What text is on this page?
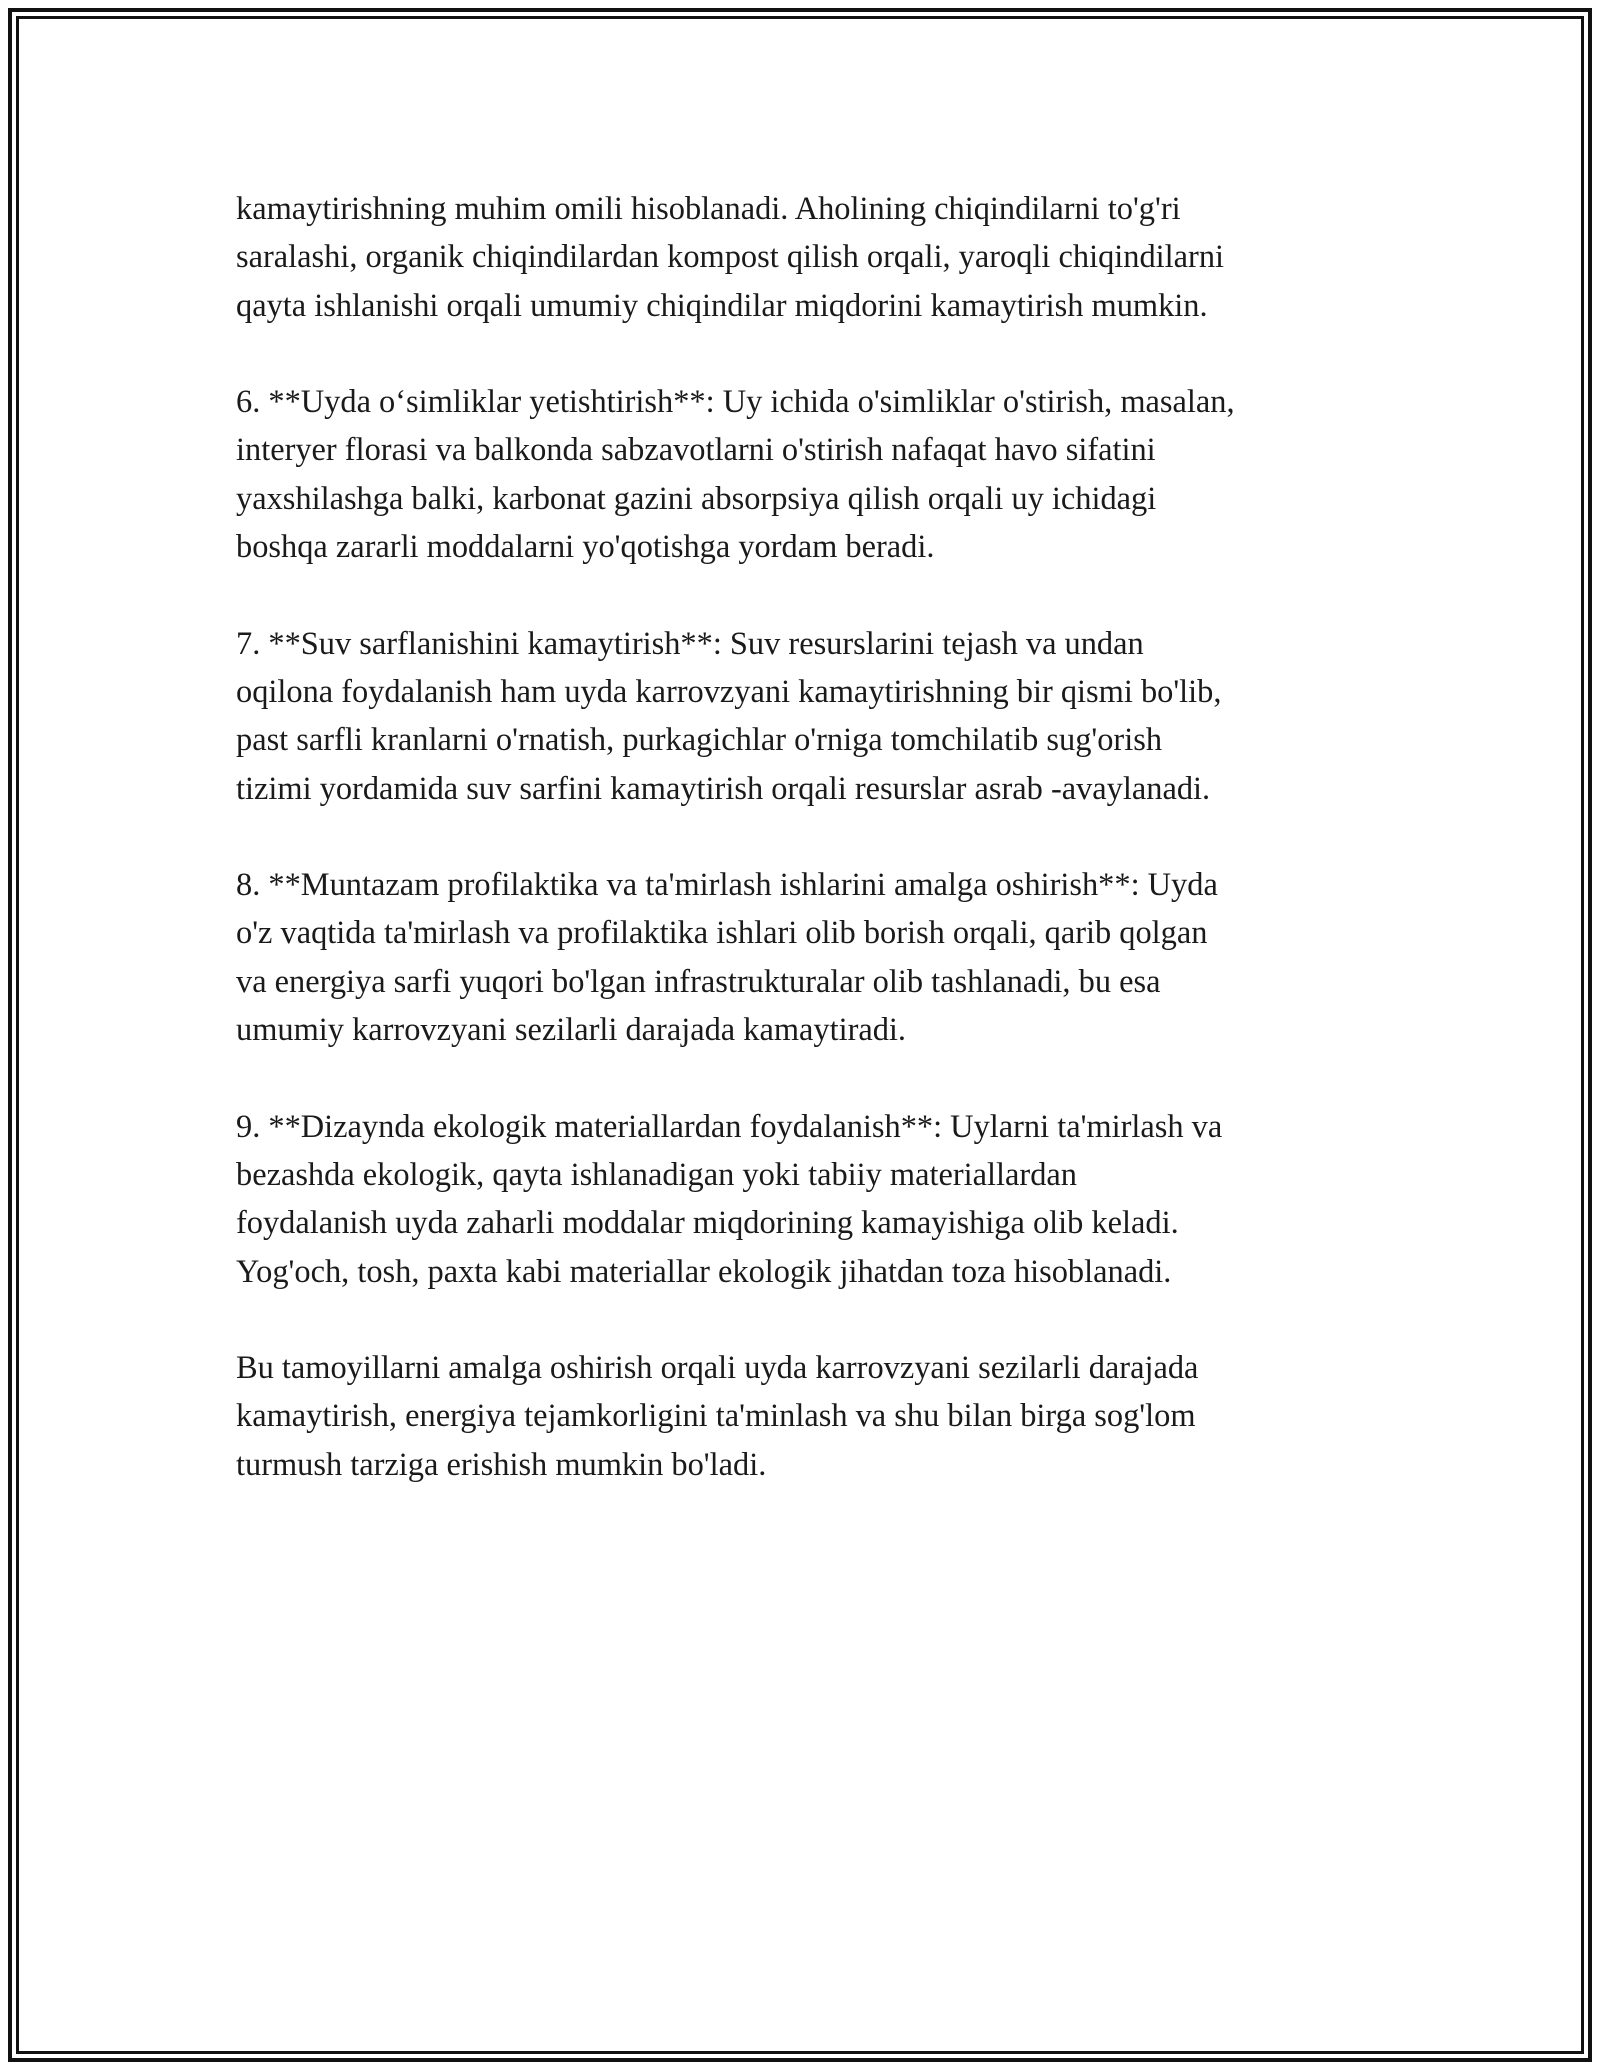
kamaytirishning muhim omili hisoblanadi. Aholining chiqindilarni to'g'ri
saralashi, organik chiqindilardan kompost qilish orqali, yaroqli chiqindilarni
qayta ishlanishi orqali umumiy chiqindilar miqdorini kamaytirish mumkin.
6. **Uyda o‘simliklar yetishtirish**: Uy ichida o'simliklar o'stirish, masalan,
interyer florasi va balkonda sabzavotlarni o'stirish nafaqat havo sifatini
yaxshilashga balki, karbonat gazini absorpsiya qilish orqali uy ichidagi
boshqa zararli moddalarni yo'qotishga yordam beradi.
7. **Suv sarflanishini kamaytirish**: Suv resurslarini tejash va undan
oqilona foydalanish ham uyda karrovzyani kamaytirishning bir qismi bo'lib,
past sarfli kranlarni o'rnatish, purkagichlar o'rniga tomchilatib sug'orish
tizimi yordamida suv sarfini kamaytirish orqali resurslar asrab -avaylanadi.
8. **Muntazam profilaktika va ta'mirlash ishlarini amalga oshirish**: Uyda
o'z vaqtida ta'mirlash va profilaktika ishlari olib borish orqali, qarib qolgan
va energiya sarfi yuqori bo'lgan infrastrukturalar olib tashlanadi, bu esa
umumiy karrovzyani sezilarli darajada kamaytiradi.
9. **Dizaynda ekologik materiallardan foydalanish**: Uylarni ta'mirlash va
bezashda ekologik, qayta ishlanadigan yoki tabiiy materiallardan
foydalanish uyda zaharli moddalar miqdorining kamayishiga olib keladi.
Yog'och, tosh, paxta kabi materiallar ekologik jihatdan toza hisoblanadi.
Bu tamoyillarni amalga oshirish orqali uyda karrovzyani sezilarli darajada
kamaytirish, energiya tejamkorligini ta'minlash va shu bilan birga sog'lom
turmush tarziga erishish mumkin bo'ladi.
